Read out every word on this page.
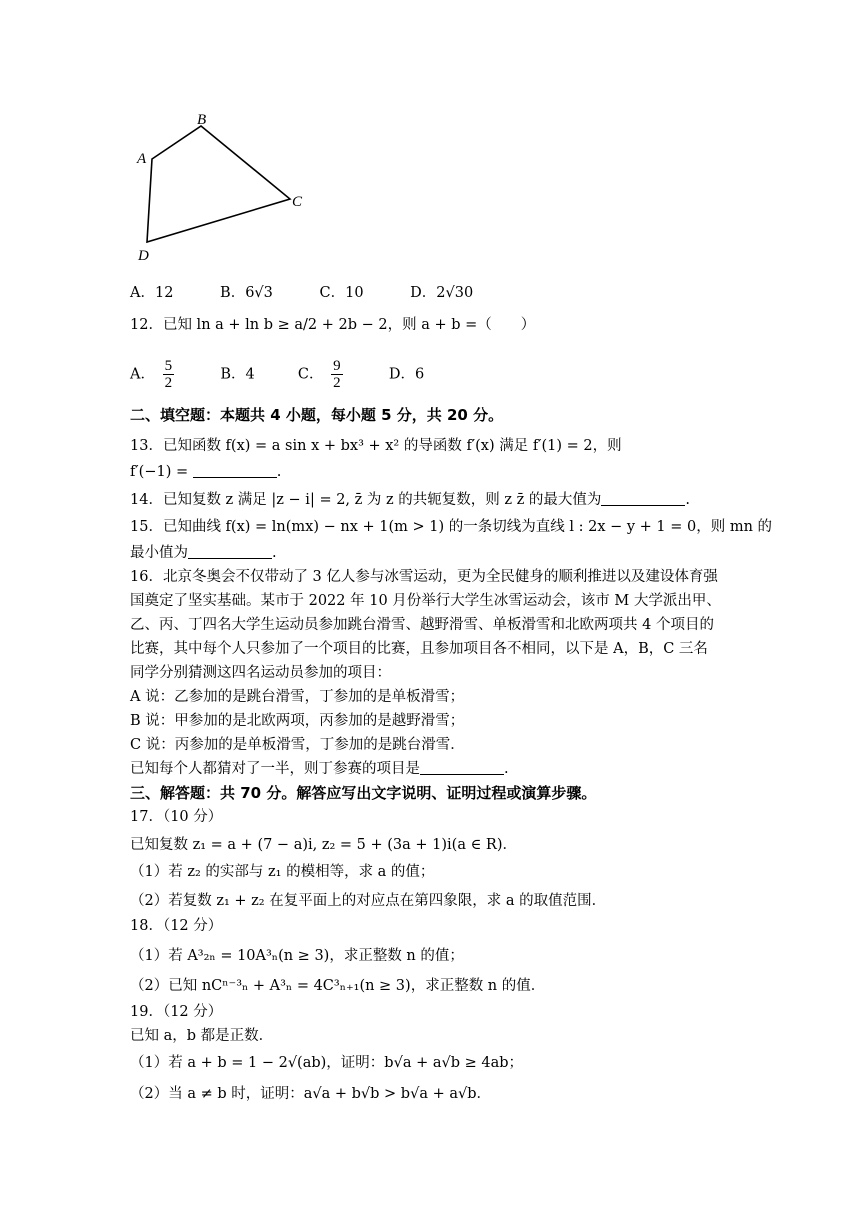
B
A
C
D
A．12	B．6√3	C．10	D．2√30
12．已知 ln a + ln b ≥ a/2 + 2b − 2，则 a + b =（　　）
A． $\frac{5}{2}$	B．4	C． $\frac{9}{2}$	D．6
二、填空题：本题共 4 小题，每小题 5 分，共 20 分。
13．已知函数 f(x) = a sin x + bx³ + x² 的导函数 f′(x) 满足 f′(1) = 2，则
f′(−1) =	.
14．已知复数 z 满足 |z − i| = 2, z̄ 为 z 的共轭复数，则 z z̄ 的最大值为	.
15．已知曲线 f(x) = ln(mx) − nx + 1(m > 1) 的一条切线为直线 l : 2x − y + 1 = 0，则 mn 的
最小值为	.
16．北京冬奥会不仅带动了 3 亿人参与冰雪运动，更为全民健身的顺利推进以及建设体育强
国奠定了坚实基础。某市于 2022 年 10 月份举行大学生冰雪运动会，该市 M 大学派出甲、
乙、丙、丁四名大学生运动员参加跳台滑雪、越野滑雪、单板滑雪和北欧两项共 4 个项目的
比赛，其中每个人只参加了一个项目的比赛，且参加项目各不相同，以下是 A，B，C 三名
同学分别猜测这四名运动员参加的项目：
A 说：乙参加的是跳台滑雪，丁参加的是单板滑雪；
B 说：甲参加的是北欧两项，丙参加的是越野滑雪；
C 说：丙参加的是单板滑雪，丁参加的是跳台滑雪．
已知每个人都猜对了一半，则丁参赛的项目是	.
三、解答题：共 70 分。解答应写出文字说明、证明过程或演算步骤。
17．（10 分）
已知复数 z₁ = a + (7 − a)i, z₂ = 5 + (3a + 1)i(a ∈ R)．
（1）若 z₂ 的实部与 z₁ 的模相等，求 a 的值；
（2）若复数 z₁ + z₂ 在复平面上的对应点在第四象限，求 a 的取值范围．
18．（12 分）
（1）若 A³₂ₙ = 10A³ₙ(n ≥ 3)，求正整数 n 的值；
（2）已知 nCⁿ⁻³ₙ + A³ₙ = 4C³ₙ₊₁(n ≥ 3)，求正整数 n 的值．
19．（12 分）
已知 a，b 都是正数．
（1）若 a + b = 1 − 2√(ab)，证明：b√a + a√b ≥ 4ab；
（2）当 a ≠ b 时，证明：a√a + b√b > b√a + a√b．
